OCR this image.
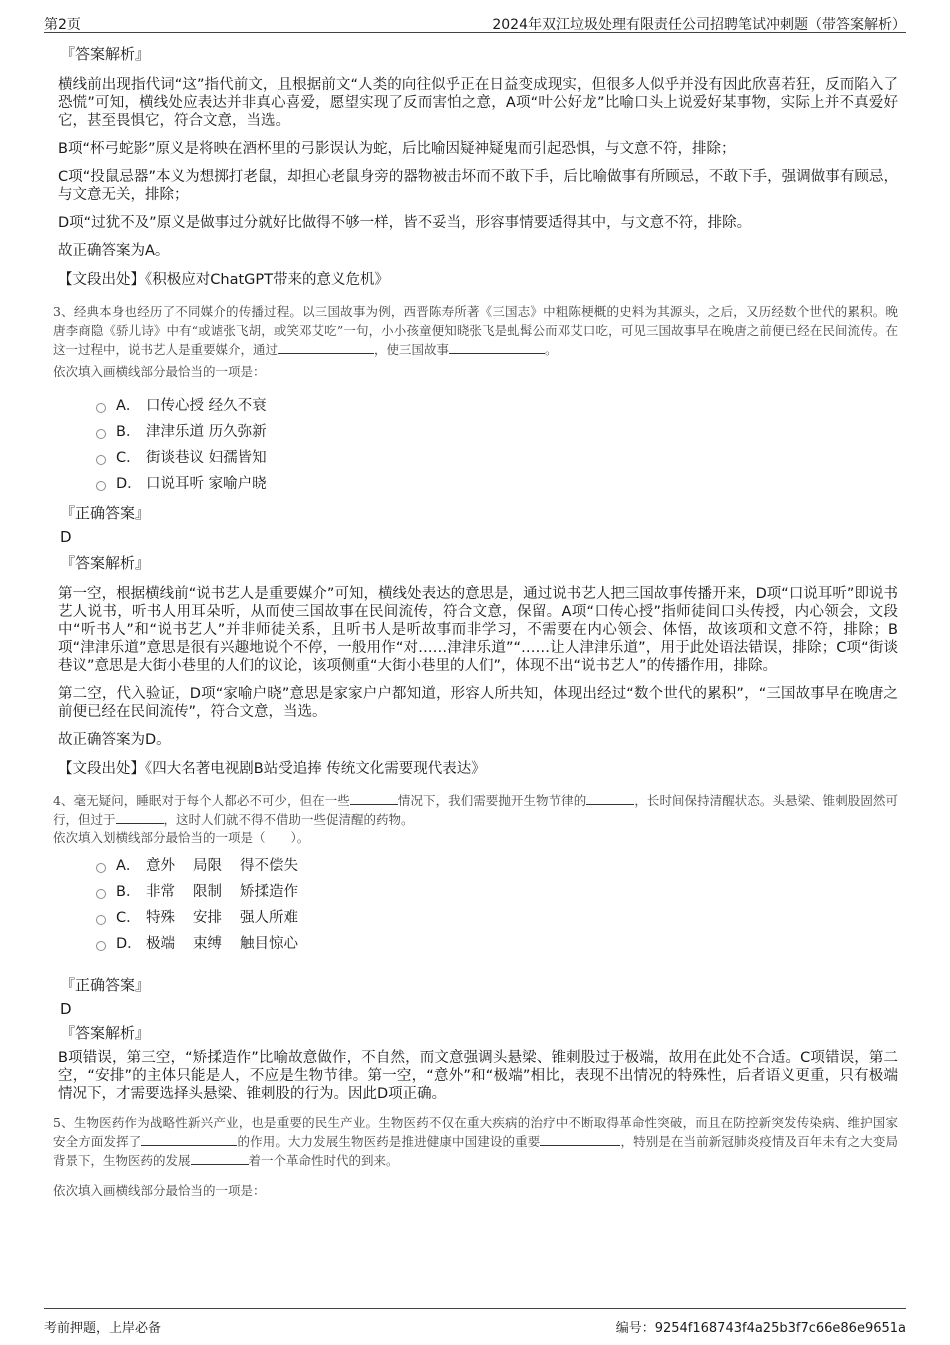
第2页	2024年双江垃圾处理有限责任公司招聘笔试冲刺题（带答案解析）
『答案解析』

横线前出现指代词“这”指代前文，且根据前文“人类的向往似乎正在日益变成现实，但很多人似乎并没有因此欣喜若狂，反而陷入了恐慌”可知，横线处应表达并非真心喜爱，愿望实现了反而害怕之意，A项“叶公好龙”比喻口头上说爱好某事物，实际上并不真爱好它，甚至畏惧它，符合文意，当选。

B项“杯弓蛇影”原义是将映在酒杯里的弓影误认为蛇，后比喻因疑神疑鬼而引起恐惧，与文意不符，排除；

C项“投鼠忌器”本义为想掷打老鼠，却担心老鼠身旁的器物被击坏而不敢下手，后比喻做事有所顾忌，不敢下手，强调做事有顾忌，与文意无关，排除；

D项“过犹不及”原义是做事过分就好比做得不够一样，皆不妥当，形容事情要适得其中，与文意不符，排除。

故正确答案为A。

【文段出处】《积极应对ChatGPT带来的意义危机》
3、经典本身也经历了不同媒介的传播过程。以三国故事为例，西晋陈寿所著《三国志》中粗陈梗概的史料为其源头，之后，又历经数个世代的累积。晚唐李商隐《骄儿诗》中有“或谑张飞胡，或笑邓艾吃”一句，小小孩童便知晓张飞是虬髯公而邓艾口吃，可见三国故事早在晚唐之前便已经在民间流传。在这一过程中，说书艺人是重要媒介，通过	，使三国故事	。
依次填入画横线部分最恰当的一项是：
A． 口传心授 经久不衰
B． 津津乐道 历久弥新
C． 街谈巷议 妇孺皆知
D． 口说耳听 家喻户晓
『正确答案』
D
『答案解析』

第一空，根据横线前“说书艺人是重要媒介”可知，横线处表达的意思是，通过说书艺人把三国故事传播开来，D项“口说耳听”即说书艺人说书，听书人用耳朵听，从而使三国故事在民间流传，符合文意，保留。A项“口传心授”指师徒间口头传授，内心领会，文段中“听书人”和“说书艺人”并非师徒关系，且听书人是听故事而非学习，不需要在内心领会、体悟，故该项和文意不符，排除；B项“津津乐道”意思是很有兴趣地说个不停，一般用作“对……津津乐道”“……让人津津乐道”，用于此处语法错误，排除；C项“街谈巷议”意思是大街小巷里的人们的议论，该项侧重“大街小巷里的人们”，体现不出“说书艺人”的传播作用，排除。

第二空，代入验证，D项“家喻户晓”意思是家家户户都知道，形容人所共知，体现出经过“数个世代的累积”，“三国故事早在晚唐之前便已经在民间流传”，符合文意，当选。

故正确答案为D。

【文段出处】《四大名著电视剧B站受追捧 传统文化需要现代表达》
4、毫无疑问，睡眠对于每个人都必不可少，但在一些	情况下，我们需要抛开生物节律的	，长时间保持清醒状态。头悬梁、锥刺股固然可行，但过于	，这时人们就不得不借助一些促清醒的药物。
依次填入划横线部分最恰当的一项是（　　）。
A． 意外 局限 得不偿失
B． 非常 限制 矫揉造作
C． 特殊 安排 强人所难
D． 极端 束缚 触目惊心
『正确答案』
D
『答案解析』

B项错误，第三空，“矫揉造作”比喻故意做作，不自然，而文意强调头悬梁、锥刺股过于极端，故用在此处不合适。C项错误，第二空，“安排”的主体只能是人，不应是生物节律。第一空，“意外”和“极端”相比，表现不出情况的特殊性，后者语义更重，只有极端情况下，才需要选择头悬梁、锥刺股的行为。因此D项正确。

5、生物医药作为战略性新兴产业，也是重要的民生产业。生物医药不仅在重大疾病的治疗中不断取得革命性突破，而且在防控新突发传染病、维护国家安全方面发挥了	的作用。大力发展生物医药是推进健康中国建设的重要	，特别是在当前新冠肺炎疫情及百年未有之大变局背景下，生物医药的发展	着一个革命性时代的到来。
依次填入画横线部分最恰当的一项是：
考前押题，上岸必备	编号：9254f168743f4a25b3f7c66e86e9651a
